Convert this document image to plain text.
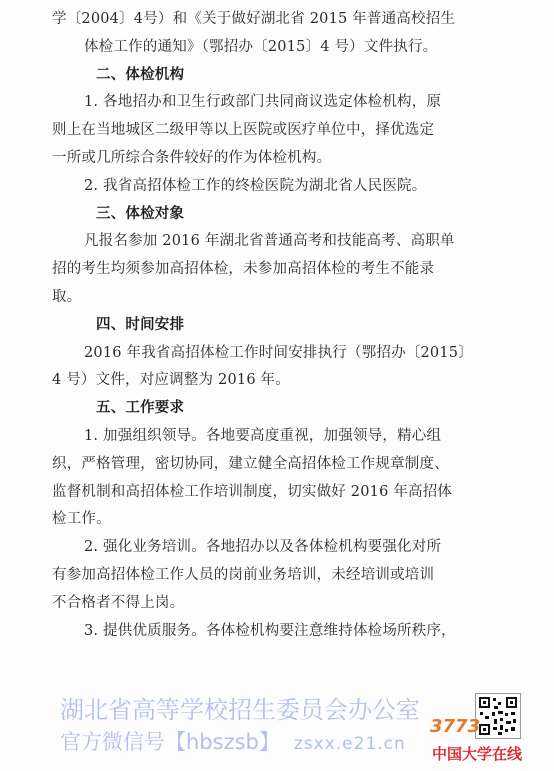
学〔2004〕4号）和《关于做好湖北省 2015 年普通高校招生
体检工作的通知》（鄂招办〔2015〕4 号）文件执行。
二、体检机构
1. 各地招办和卫生行政部门共同商议选定体检机构，原
则上在当地城区二级甲等以上医院或医疗单位中，择优选定
一所或几所综合条件较好的作为体检机构。
2. 我省高招体检工作的终检医院为湖北省人民医院。
三、体检对象
凡报名参加 2016 年湖北省普通高考和技能高考、高职单
招的考生均须参加高招体检，未参加高招体检的考生不能录
取。
四、时间安排
2016 年我省高招体检工作时间安排执行（鄂招办〔2015〕
4 号）文件，对应调整为 2016 年。
五、工作要求
1. 加强组织领导。各地要高度重视，加强领导，精心组
织，严格管理，密切协同，建立健全高招体检工作规章制度、
监督机制和高招体检工作培训制度，切实做好 2016 年高招体
检工作。
2. 强化业务培训。各地招办以及各体检机构要强化对所
有参加高招体检工作人员的岗前业务培训，未经培训或培训
不合格者不得上岗。
3. 提供优质服务。各体检机构要注意维持体检场所秩序，
湖北省高等学校招生委员会办公室
官方微信号【hbszsb】 zsxx.e21.cn
3773
中国大学在线
